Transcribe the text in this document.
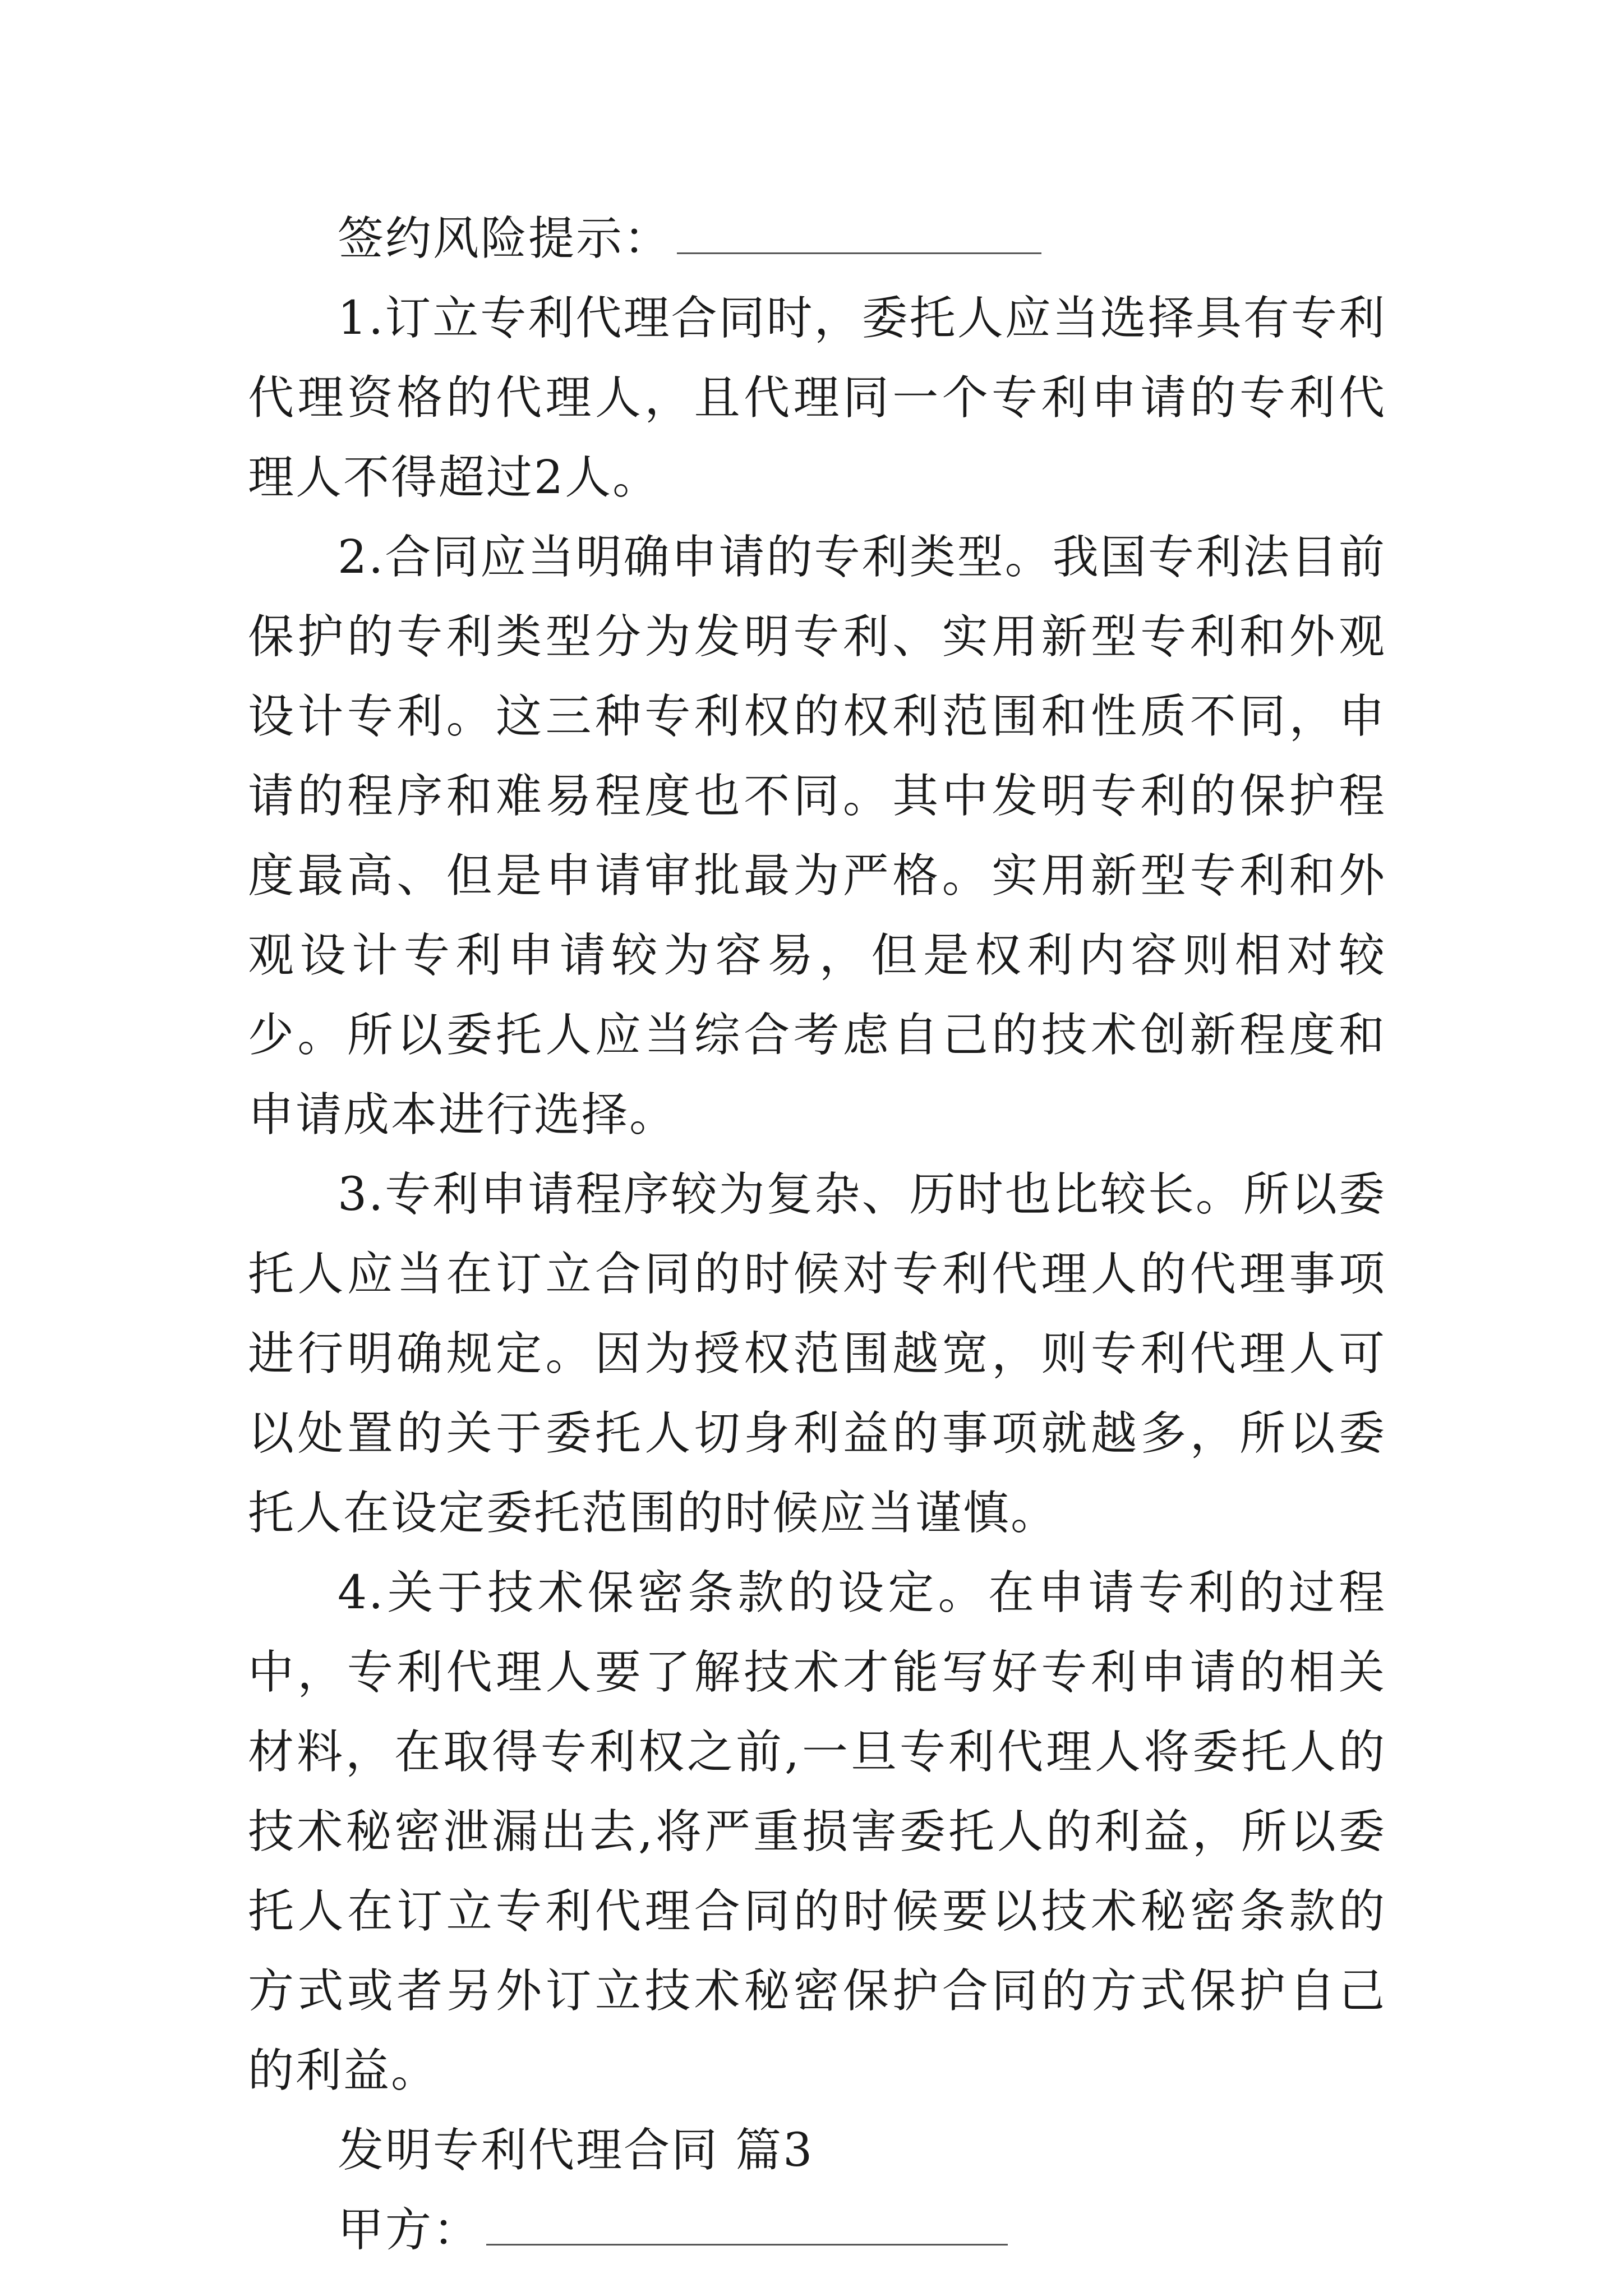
签约风险提示：

1.订立专利代理合同时，委托人应当选择具有专利代理资格的代理人，且代理同一个专利申请的专利代理人不得超过2人。

2.合同应当明确申请的专利类型。我国专利法目前保护的专利类型分为发明专利、实用新型专利和外观设计专利。这三种专利权的权利范围和性质不同，申请的程序和难易程度也不同。其中发明专利的保护程度最高、但是申请审批最为严格。实用新型专利和外观设计专利申请较为容易，但是权利内容则相对较少。所以委托人应当综合考虑自己的技术创新程度和申请成本进行选择。

3.专利申请程序较为复杂、历时也比较长。所以委托人应当在订立合同的时候对专利代理人的代理事项进行明确规定。因为授权范围越宽，则专利代理人可以处置的关于委托人切身利益的事项就越多，所以委托人在设定委托范围的时候应当谨慎。

4.关于技术保密条款的设定。在申请专利的过程中，专利代理人要了解技术才能写好专利申请的相关材料，在取得专利权之前,一旦专利代理人将委托人的技术秘密泄漏出去,将严重损害委托人的利益，所以委托人在订立专利代理合同的时候要以技术秘密条款的方式或者另外订立技术秘密保护合同的方式保护自己的利益。

发明专利代理合同 篇3
甲方：
